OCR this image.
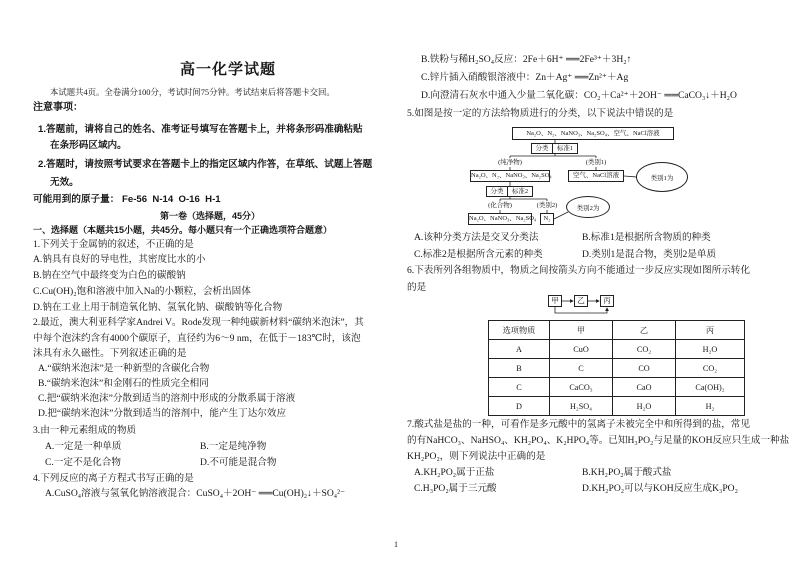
高一化学试题
本试题共4页。全卷满分100分，考试时间75分钟。考试结束后将答题卡交回。
注意事项：
1.答题前，请将自己的姓名、准考证号填写在答题卡上，并将条形码准确粘贴
在条形码区域内。
2.答题时，请按照考试要求在答题卡上的指定区域内作答，在草纸、试题上答题
无效。
可能用到的原子量： Fe-56  N-14  O-16  H-1
第一卷（选择题，45分）
一、选择题（本题共15小题，共45分。每小题只有一个正确选项符合题意）
1.下列关于金属钠的叙述，不正确的是
A.钠具有良好的导电性，其密度比水的小
B.钠在空气中最终变为白色的碳酸钠
C.Cu(OH)₂饱和溶液中加入Na的小颗粒，会析出固体
D.钠在工业上用于制造氧化钠、氢氧化钠、碳酸钠等化合物
2.最近，澳大利亚科学家Andrei V。Rode发现一种纯碳新材料“碳纳米泡沫”，其
中每个泡沫约含有4000个碳原子，直径约为6～9 nm，在低于－183℃时，该泡
沫具有永久磁性。下列叙述正确的是
A.“碳纳米泡沫”是一种新型的含碳化合物
B.“碳纳米泡沫”和金刚石的性质完全相同
C.把“碳纳米泡沫”分散到适当的溶剂中形成的分散系属于溶液
D.把“碳纳米泡沫”分散到适当的溶剂中，能产生丁达尔效应
3.由一种元素组成的物质
A.一定是一种单质	B.一定是纯净物
C.一定不是化合物	D.不可能是混合物
4.下列反应的离子方程式书写正确的是
A.CuSO₄溶液与氢氧化钠溶液混合：CuSO₄＋2OH⁻ ══Cu(OH)₂↓＋SO₄²⁻
B.铁粉与稀H₂SO₄反应：2Fe＋6H⁺ ══2Fe³⁺＋3H₂↑
C.锌片插入硝酸银溶液中：Zn＋Ag⁺ ══Zn²⁺＋Ag
D.向澄清石灰水中通入少量二氧化碳：CO₂＋Ca²⁺＋2OH⁻ ══CaCO₃↓＋H₂O
5.如图是按一定的方法给物质进行的分类，以下说法中错误的是
Na₂O、N₂、NaNO₃、Na₂SO₄、空气、NaCl溶液
分类	标准1
(纯净物)	(类别1)
Na₂O、N₂、NaNO₃、Na₂SO₄	空气、NaCl溶液	类别1为
分类	标准2
(化合物)	(类别2)
Na₂O、NaNO₃、Na₂SO₄	N₂
类别2为
A.该种分类方法是交叉分类法	B.标准1是根据所含物质的种类
C.标准2是根据所含元素的种类	D.类别1是混合物，类别2是单质
6.下表所列各组物质中，物质之间按箭头方向不能通过一步反应实现如图所示转化
的是
甲	乙	丙
选项物质	甲	乙	丙
A	CuO	CO₂	H₂O
B	C	CO	CO₂
C	CaCO₃	CaO	Ca(OH)₂
D	H₂SO₄	H₂O	H₂
7.酸式盐是盐的一种，可看作是多元酸中的氢离子未被完全中和所得到的盐，常见
的有NaHCO₃、NaHSO₄、KH₂PO₄、K₂HPO₄等。已知H₃PO₂与足量的KOH反应只生成一种盐
KH₂PO₂，则下列说法中正确的是
A.KH₂PO₂属于正盐	B.KH₂PO₂属于酸式盐
C.H₃PO₂属于三元酸	D.KH₂PO₂可以与KOH反应生成K₃PO₂
1
